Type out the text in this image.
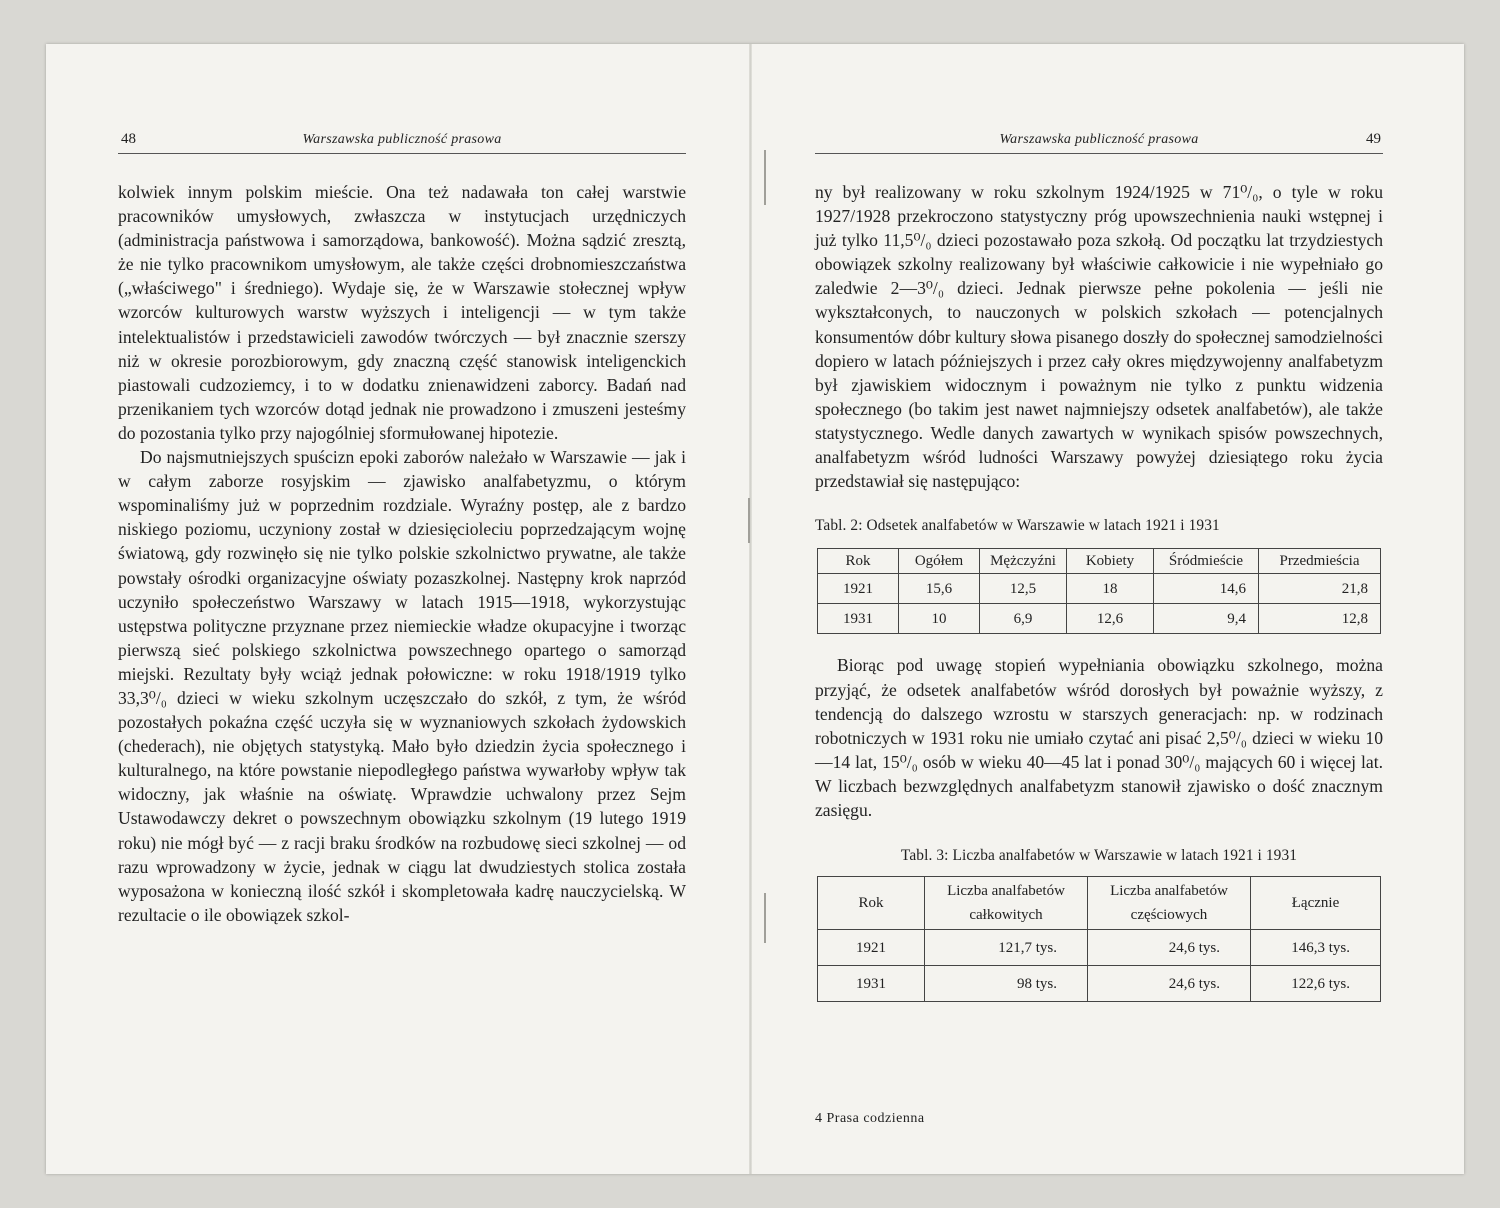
48	Warszawska publiczność prasowa

kolwiek innym polskim mieście. Ona też nadawała ton całej warstwie pracowników umysłowych, zwłaszcza w instytucjach urzędniczych (administracja państwowa i samorządowa, bankowość). Można sądzić zresztą, że nie tylko pracownikom umysłowym, ale także części drobnomieszczaństwa („właściwego" i średniego). Wydaje się, że w Warszawie stołecznej wpływ wzorców kulturowych warstw wyższych i inteligencji — w tym także intelektualistów i przedstawicieli zawodów twórczych — był znacznie szerszy niż w okresie porozbiorowym, gdy znaczną część stanowisk inteligenckich piastowali cudzoziemcy, i to w dodatku znienawidzeni zaborcy. Badań nad przenikaniem tych wzorców dotąd jednak nie prowadzono i zmuszeni jesteśmy do pozostania tylko przy najogólniej sformułowanej hipotezie.

Do najsmutniejszych spuścizn epoki zaborów należało w Warszawie — jak i w całym zaborze rosyjskim — zjawisko analfabetyzmu, o którym wspominaliśmy już w poprzednim rozdziale. Wyraźny postęp, ale z bardzo niskiego poziomu, uczyniony został w dziesięcioleciu poprzedzającym wojnę światową, gdy rozwinęło się nie tylko polskie szkolnictwo prywatne, ale także powstały ośrodki organizacyjne oświaty pozaszkolnej. Następny krok naprzód uczyniło społeczeństwo Warszawy w latach 1915—1918, wykorzystując ustępstwa polityczne przyznane przez niemieckie władze okupacyjne i tworząc pierwszą sieć polskiego szkolnictwa powszechnego opartego o samorząd miejski. Rezultaty były wciąż jednak połowiczne: w roku 1918/1919 tylko 33,3⁰/₀ dzieci w wieku szkolnym uczęszczało do szkół, z tym, że wśród pozostałych pokaźna część uczyła się w wyznaniowych szkołach żydowskich (chederach), nie objętych statystyką. Mało było dziedzin życia społecznego i kulturalnego, na które powstanie niepodległego państwa wywarłoby wpływ tak widoczny, jak właśnie na oświatę. Wprawdzie uchwalony przez Sejm Ustawodawczy dekret o powszechnym obowiązku szkolnym (19 lutego 1919 roku) nie mógł być — z racji braku środków na rozbudowę sieci szkolnej — od razu wprowadzony w życie, jednak w ciągu lat dwudziestych stolica została wyposażona w konieczną ilość szkół i skompletowała kadrę nauczycielską. W rezultacie o ile obowiązek szkol-

Warszawska publiczność prasowa	49

ny był realizowany w roku szkolnym 1924/1925 w 71⁰/₀, o tyle w roku 1927/1928 przekroczono statystyczny próg upowszechnienia nauki wstępnej i już tylko 11,5⁰/₀ dzieci pozostawało poza szkołą. Od początku lat trzydziestych obowiązek szkolny realizowany był właściwie całkowicie i nie wypełniało go zaledwie 2—3⁰/₀ dzieci. Jednak pierwsze pełne pokolenia — jeśli nie wykształconych, to nauczonych w polskich szkołach — potencjalnych konsumentów dóbr kultury słowa pisanego doszły do społecznej samodzielności dopiero w latach późniejszych i przez cały okres międzywojenny analfabetyzm był zjawiskiem widocznym i poważnym nie tylko z punktu widzenia społecznego (bo takim jest nawet najmniejszy odsetek analfabetów), ale także statystycznego. Wedle danych zawartych w wynikach spisów powszechnych, analfabetyzm wśród ludności Warszawy powyżej dziesiątego roku życia przedstawiał się następująco:

Tabl. 2: Odsetek analfabetów w Warszawie w latach 1921 i 1931

Rok	Ogółem	Mężczyźni	Kobiety	Śródmieście	Przedmieścia
1921	15,6	12,5	18	14,6	21,8
1931	10	6,9	12,6	9,4	12,8

Biorąc pod uwagę stopień wypełniania obowiązku szkolnego, można przyjąć, że odsetek analfabetów wśród dorosłych był poważnie wyższy, z tendencją do dalszego wzrostu w starszych generacjach: np. w rodzinach robotniczych w 1931 roku nie umiało czytać ani pisać 2,5⁰/₀ dzieci w wieku 10—14 lat, 15⁰/₀ osób w wieku 40—45 lat i ponad 30⁰/₀ mających 60 i więcej lat. W liczbach bezwzględnych analfabetyzm stanowił zjawisko o dość znacznym zasięgu.

Tabl. 3: Liczba analfabetów w Warszawie w latach 1921 i 1931

Rok	Liczba analfabetów całkowitych	Liczba analfabetów częściowych	Łącznie
1921	121,7 tys.	24,6 tys.	146,3 tys.
1931	98 tys.	24,6 tys.	122,6 tys.
4 Prasa codzienna
